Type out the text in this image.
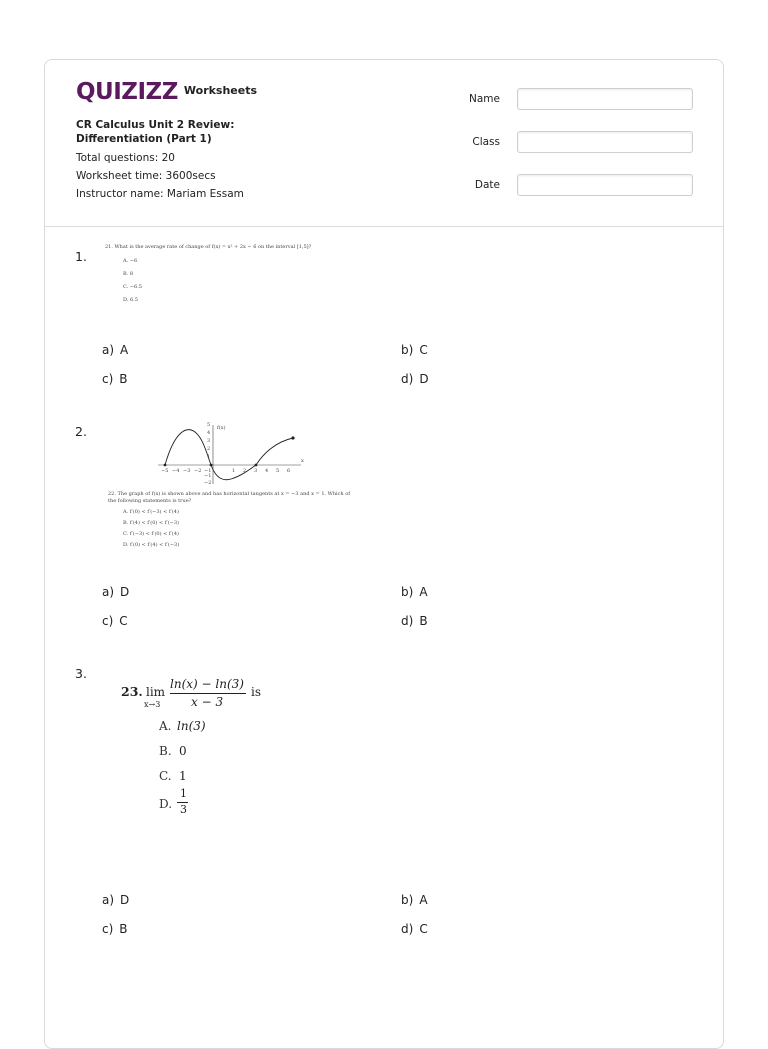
QUIZIZZ Worksheets
CR Calculus Unit 2 Review: Differentiation (Part 1)
Total questions: 20
Worksheet time: 3600secs
Instructor name: Mariam Essam
Name
Class
Date
1.
21. What is the average rate of change of f(x) = x² + 2x − 6 on the interval [1,5]?
A. −6
B. 8
C. −6.5
D. 6.5
a) A	b) C
c) B	d) D
2.	f(x)
x
−5 −4 −3 −2 −1	1 2 3 4 5 6
5
4
3
2
1
−1
−2
22. The graph of f(x) is shown above and has horizontal tangents at x = −3 and x = 1. Which of
the following statements is true?
A. f′(0) < f′(−3) < f′(4)
B. f′(4) < f′(0) < f′(−3)
C. f′(−3) < f′(0) < f′(4)
D. f′(0) < f′(4) < f′(−3)
a) D	b) A
c) C	d) B
3.
23. lim
x→3
ln(x) − ln(3)
x − 3
is
A. ln(3)
B. 0
C. 1
D.
1
3
a) D	b) A
c) B	d) C
